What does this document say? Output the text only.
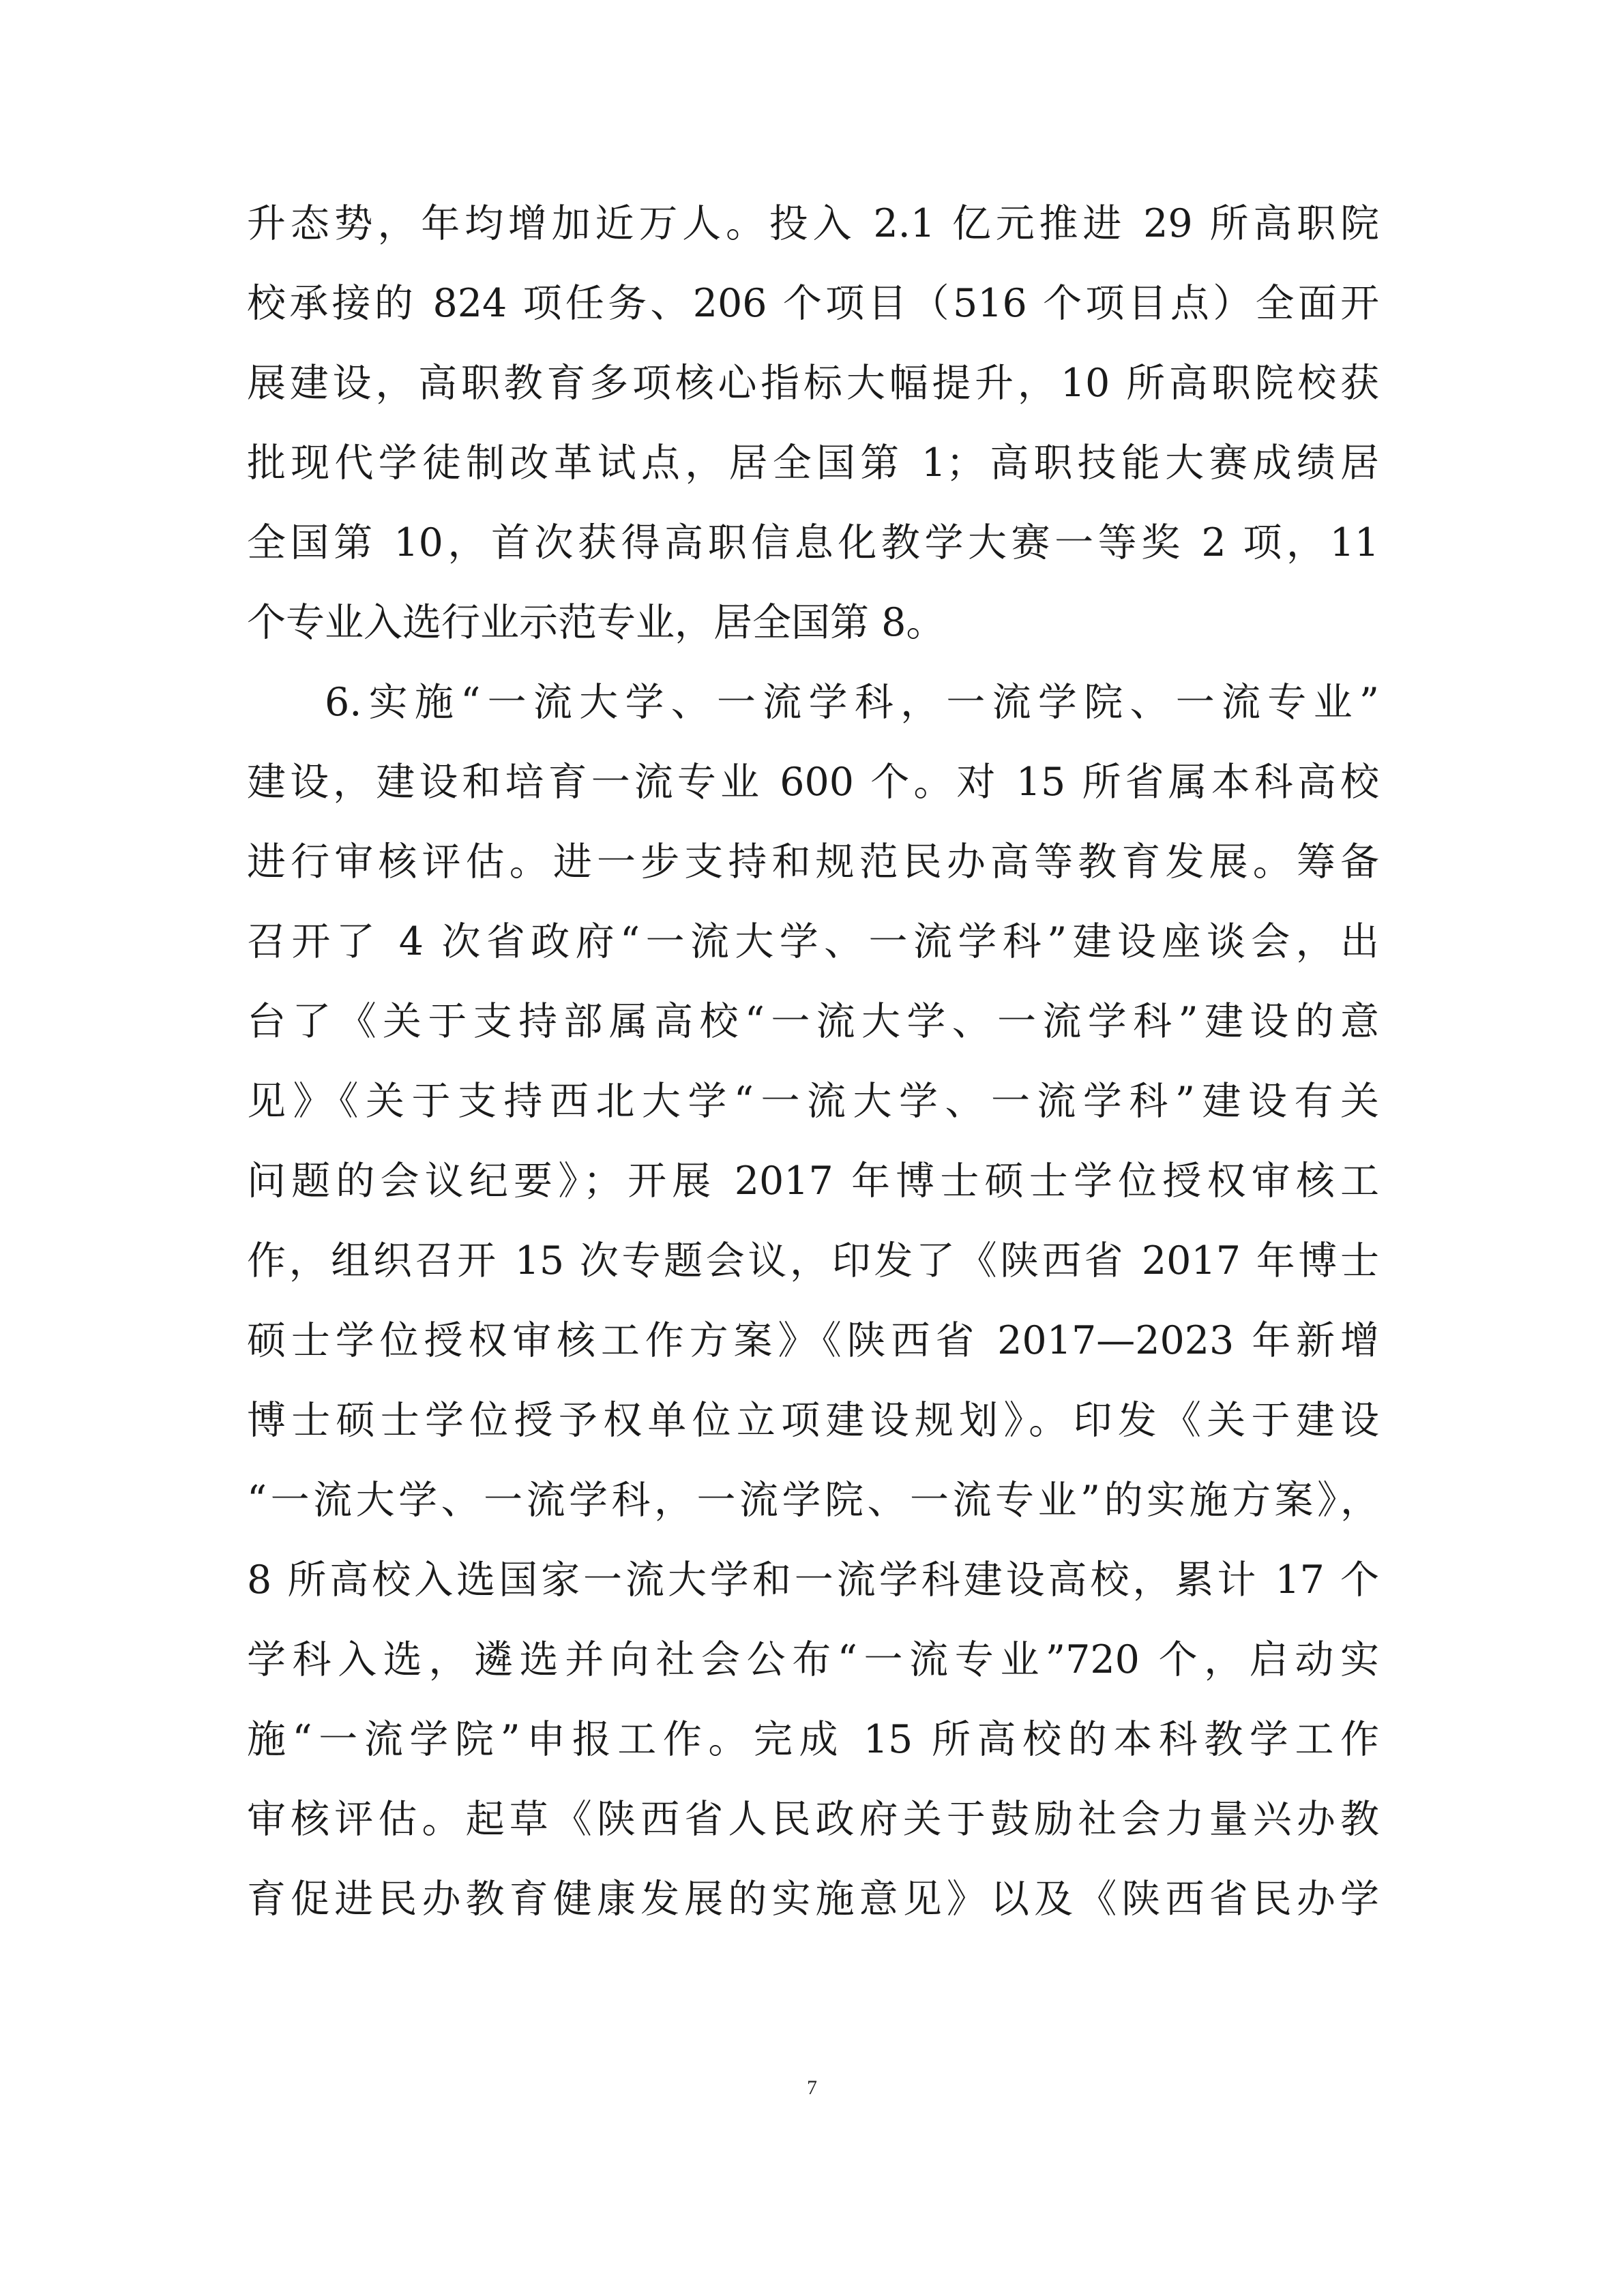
升态势，年均增加近万人。投入 2.1 亿元推进 29 所高职院
校承接的 824 项任务、206 个项目（516 个项目点）全面开
展建设，高职教育多项核心指标大幅提升，10 所高职院校获
批现代学徒制改革试点，居全国第 1；高职技能大赛成绩居
全国第 10，首次获得高职信息化教学大赛一等奖 2 项，11
个专业入选行业示范专业，居全国第 8。
6.实施“一流大学、一流学科，一流学院、一流专业”
建设，建设和培育一流专业 600 个。对 15 所省属本科高校
进行审核评估。进一步支持和规范民办高等教育发展。筹备
召开了 4 次省政府“一流大学、一流学科”建设座谈会，出
台了《关于支持部属高校“一流大学、一流学科”建设的意
见》《关于支持西北大学“一流大学、一流学科”建设有关
问题的会议纪要》；开展 2017 年博士硕士学位授权审核工
作，组织召开 15 次专题会议，印发了《陕西省 2017 年博士
硕士学位授权审核工作方案》《陕西省 2017—2023 年新增
博士硕士学位授予权单位立项建设规划》。印发《关于建设
“一流大学、一流学科，一流学院、一流专业”的实施方案》，
8 所高校入选国家一流大学和一流学科建设高校，累计 17 个
学科入选，遴选并向社会公布“一流专业”720 个，启动实
施“一流学院”申报工作。完成 15 所高校的本科教学工作
审核评估。起草《陕西省人民政府关于鼓励社会力量兴办教
育促进民办教育健康发展的实施意见》以及《陕西省民办学
7
